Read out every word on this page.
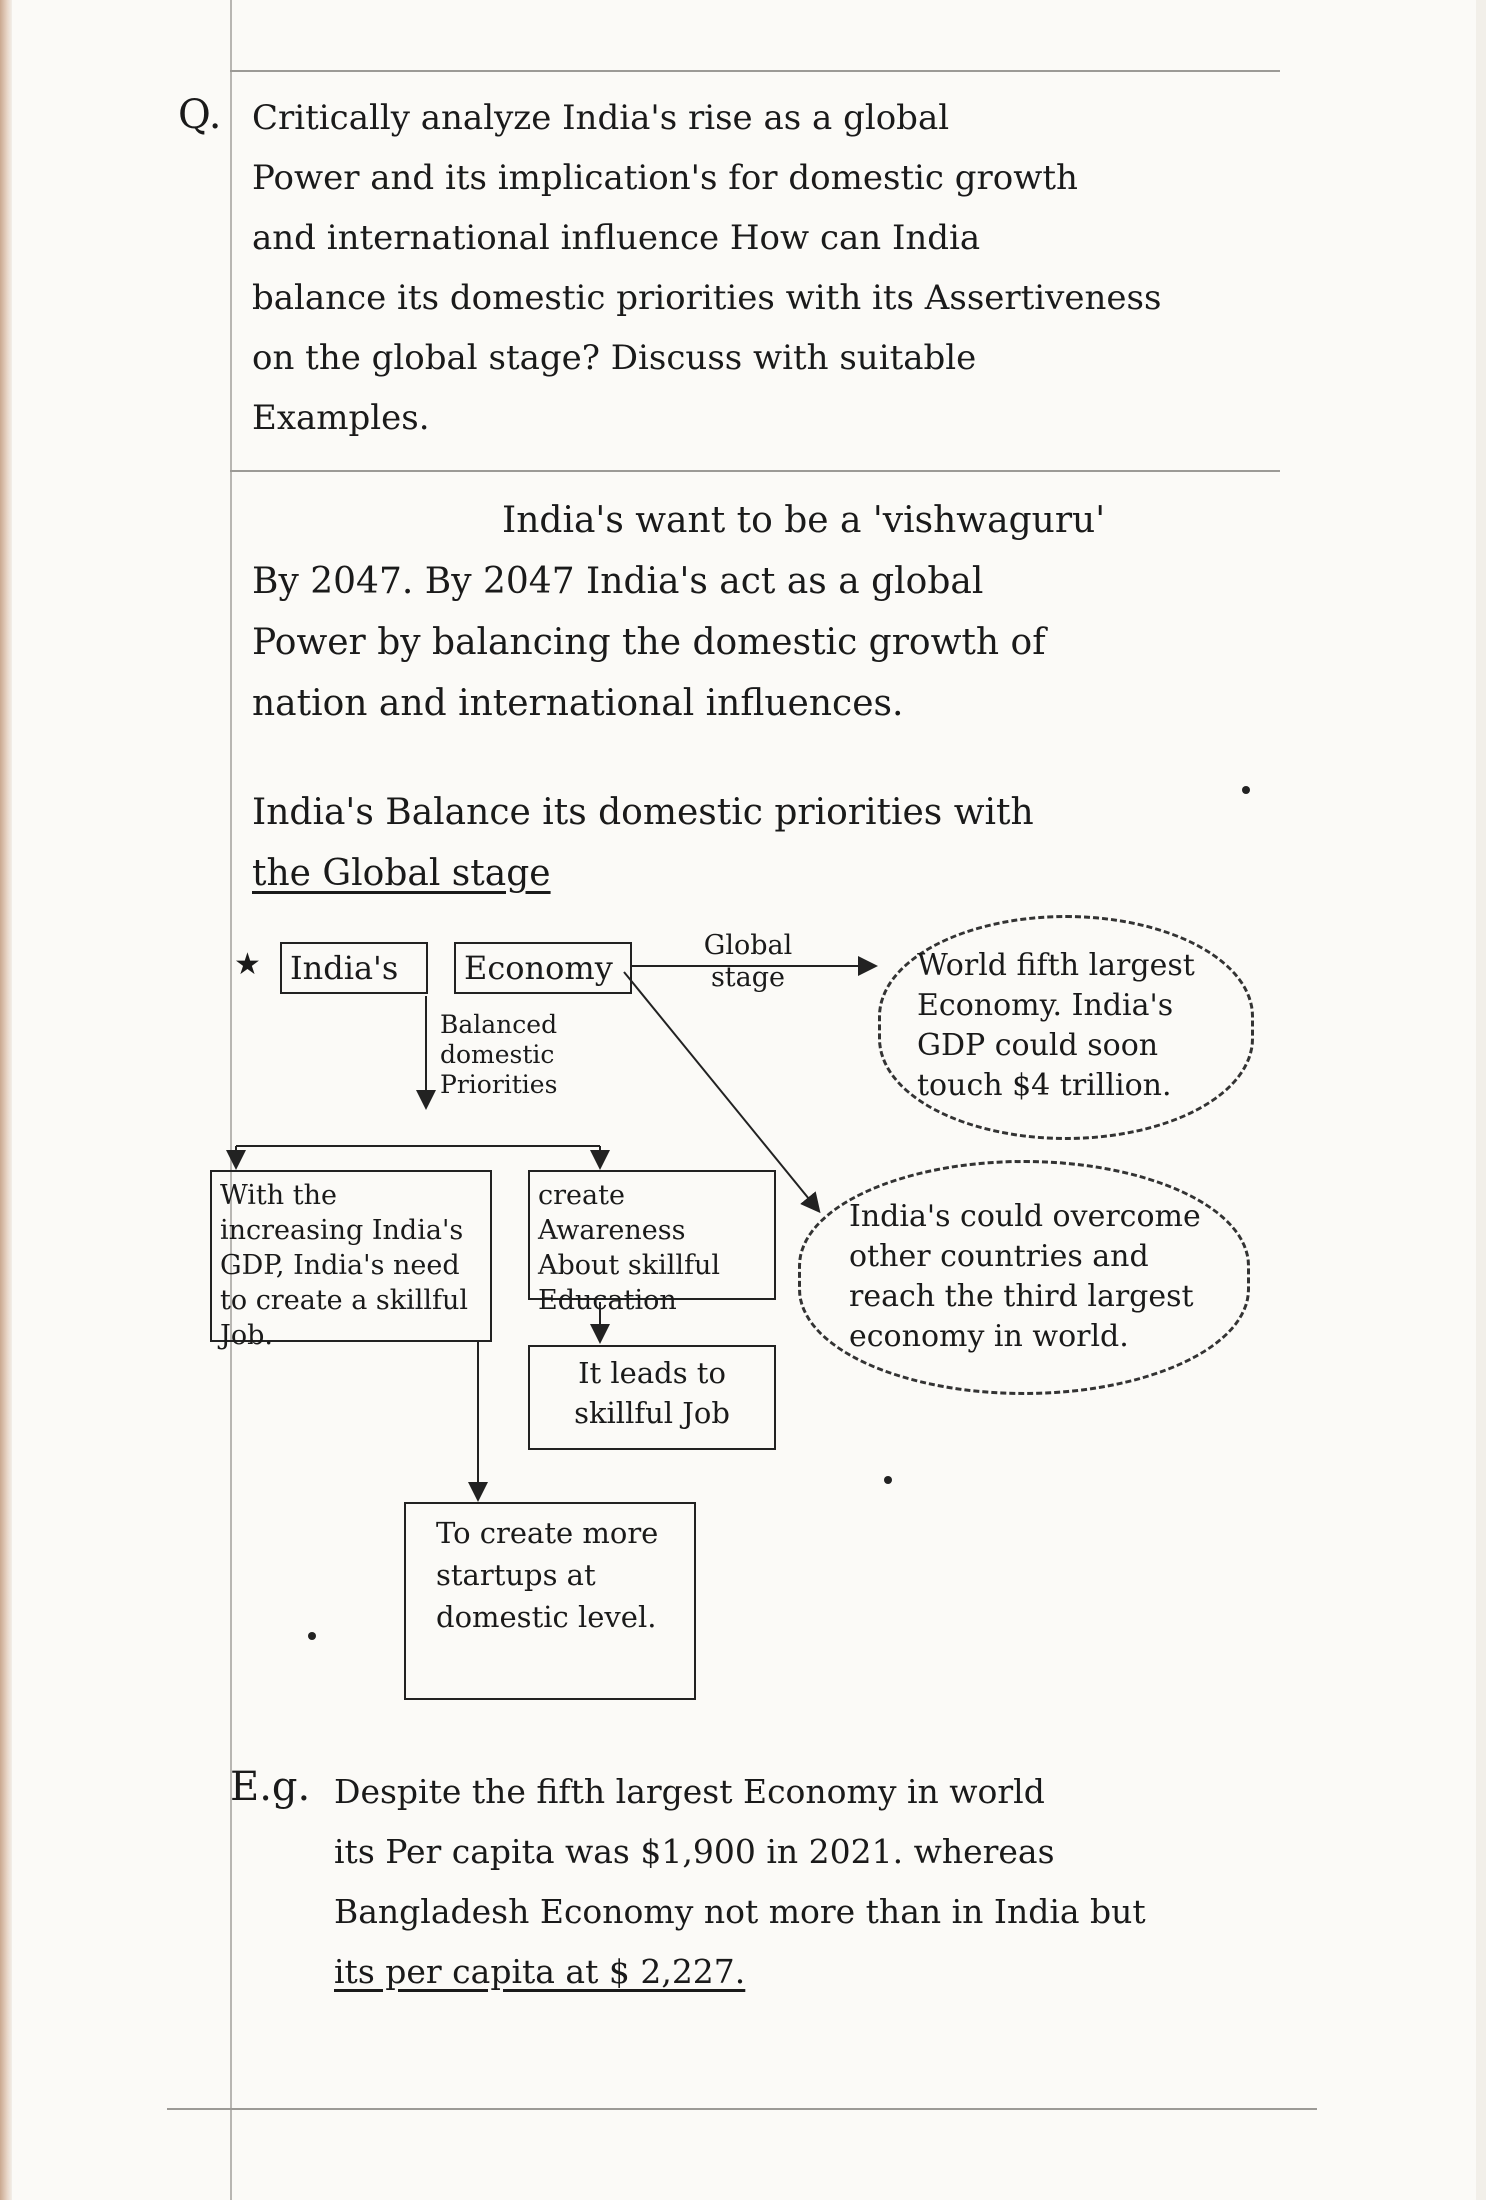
Q. Critically analyze India's rise as a global
Power and its implication's for domestic growth
and international influence How can India
balance its domestic priorities with its Assertiveness
on the global stage? Discuss with suitable
Examples.
India's want to be a 'vishwaguru'
By 2047. By 2047 India's act as a global
Power by balancing the domestic growth of
nation and international influences.
India's Balance its domestic priorities with
the Global stage
★ India's	Economy
Global stage
Balanced domestic Priorities
World fifth largest Economy. India's GDP could soon touch $4 trillion.
India's could overcome other countries and reach the third largest economy in world.
With the increasing India's GDP, India's need to create a skillful Job.
create Awareness About skillful Education
It leads to skillful Job
To create more startups at domestic level.
E.g. Despite the fifth largest Economy in world
its Per capita was $1,900 in 2021. whereas
Bangladesh Economy not more than in India but
its per capita at $ 2,227.
